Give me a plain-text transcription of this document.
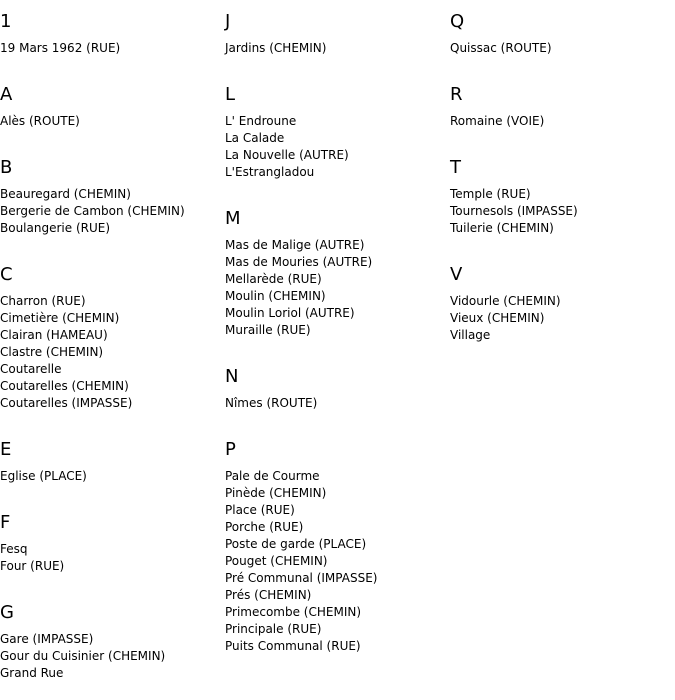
1
19 Mars 1962 (RUE)
A
Alès (ROUTE)
B
Beauregard (CHEMIN)
Bergerie de Cambon (CHEMIN)
Boulangerie (RUE)
C
Charron (RUE)
Cimetière (CHEMIN)
Clairan (HAMEAU)
Clastre (CHEMIN)
Coutarelle
Coutarelles (CHEMIN)
Coutarelles (IMPASSE)
E
Eglise (PLACE)
F
Fesq
Four (RUE)
G
Gare (IMPASSE)
Gour du Cuisinier (CHEMIN)
Grand Rue
J
Jardins (CHEMIN)
L
L' Endroune
La Calade
La Nouvelle (AUTRE)
L'Estrangladou
M
Mas de Malige (AUTRE)
Mas de Mouries (AUTRE)
Mellarède (RUE)
Moulin (CHEMIN)
Moulin Loriol (AUTRE)
Muraille (RUE)
N
Nîmes (ROUTE)
P
Pale de Courme
Pinède (CHEMIN)
Place (RUE)
Porche (RUE)
Poste de garde (PLACE)
Pouget (CHEMIN)
Pré Communal (IMPASSE)
Prés (CHEMIN)
Primecombe (CHEMIN)
Principale (RUE)
Puits Communal (RUE)
Q
Quissac (ROUTE)
R
Romaine (VOIE)
T
Temple (RUE)
Tournesols (IMPASSE)
Tuilerie (CHEMIN)
V
Vidourle (CHEMIN)
Vieux (CHEMIN)
Village
